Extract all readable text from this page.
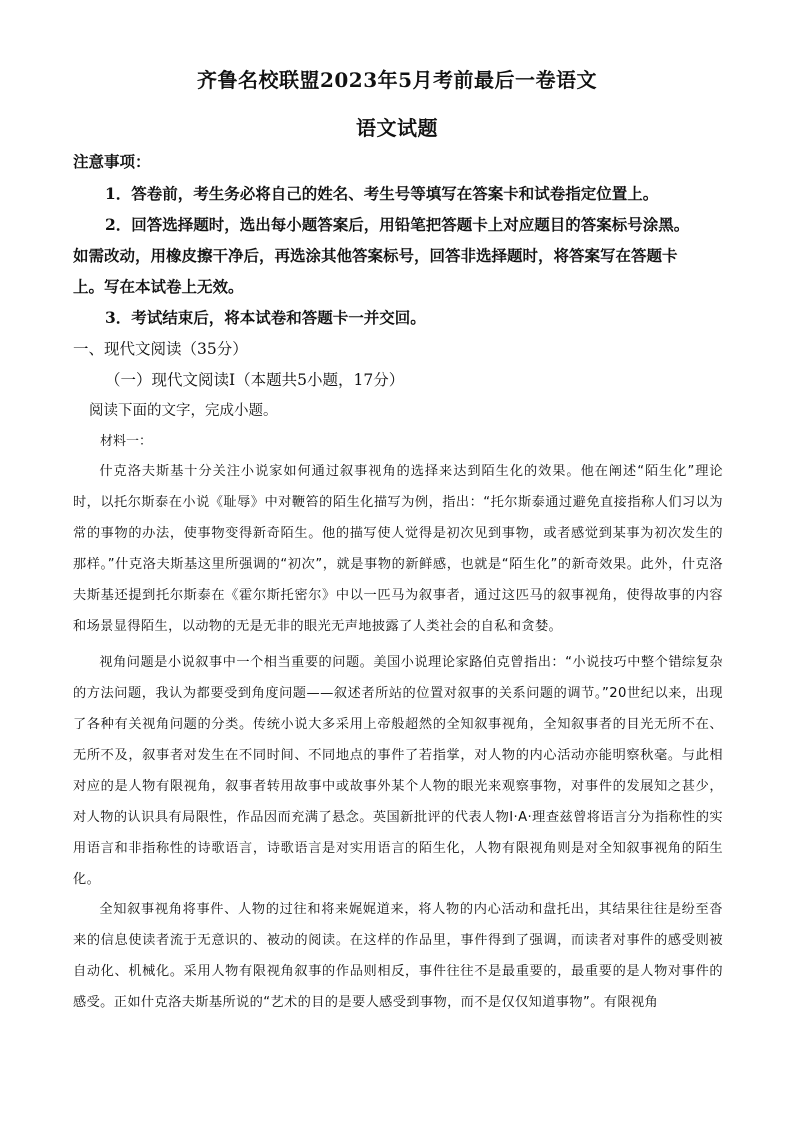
齐鲁名校联盟2023年5月考前最后一卷语文
语文试题
注意事项：
1．答卷前，考生务必将自己的姓名、考生号等填写在答案卡和试卷指定位置上。
2．回答选择题时，选出每小题答案后，用铅笔把答题卡上对应题目的答案标号涂黑。
如需改动，用橡皮擦干净后，再选涂其他答案标号，回答非选择题时，将答案写在答题卡
上。写在本试卷上无效。
3．考试结束后，将本试卷和答题卡一并交回。
一、现代文阅读（35分）
（一）现代文阅读Ⅰ（本题共5小题，17分）
阅读下面的文字，完成小题。
材料一：
什克洛夫斯基十分关注小说家如何通过叙事视角的选择来达到陌生化的效果。他在阐述“陌生化”理论时，以托尔斯泰在小说《耻辱》中对鞭笞的陌生化描写为例，指出：“托尔斯泰通过避免直接指称人们习以为常的事物的办法，使事物变得新奇陌生。他的描写使人觉得是初次见到事物，或者感觉到某事为初次发生的那样。”什克洛夫斯基这里所强调的“初次”，就是事物的新鲜感，也就是“陌生化”的新奇效果。此外，什克洛夫斯基还提到托尔斯泰在《霍尔斯托密尔》中以一匹马为叙事者，通过这匹马的叙事视角，使得故事的内容和场景显得陌生，以动物的无是无非的眼光无声地披露了人类社会的自私和贪婪。
视角问题是小说叙事中一个相当重要的问题。美国小说理论家路伯克曾指出：“小说技巧中整个错综复杂的方法问题，我认为都要受到角度问题——叙述者所站的位置对叙事的关系问题的调节。”20世纪以来，出现了各种有关视角问题的分类。传统小说大多采用上帝般超然的全知叙事视角，全知叙事者的目光无所不在、无所不及，叙事者对发生在不同时间、不同地点的事件了若指掌，对人物的内心活动亦能明察秋毫。与此相对应的是人物有限视角，叙事者转用故事中或故事外某个人物的眼光来观察事物，对事件的发展知之甚少，对人物的认识具有局限性，作品因而充满了悬念。英国新批评的代表人物I·A·理查兹曾将语言分为指称性的实用语言和非指称性的诗歌语言，诗歌语言是对实用语言的陌生化，人物有限视角则是对全知叙事视角的陌生化。
全知叙事视角将事件、人物的过往和将来娓娓道来，将人物的内心活动和盘托出，其结果往往是纷至沓来的信息使读者流于无意识的、被动的阅读。在这样的作品里，事件得到了强调，而读者对事件的感受则被自动化、机械化。采用人物有限视角叙事的作品则相反，事件往往不是最重要的，最重要的是人物对事件的感受。正如什克洛夫斯基所说的“艺术的目的是要人感受到事物，而不是仅仅知道事物”。有限视角
